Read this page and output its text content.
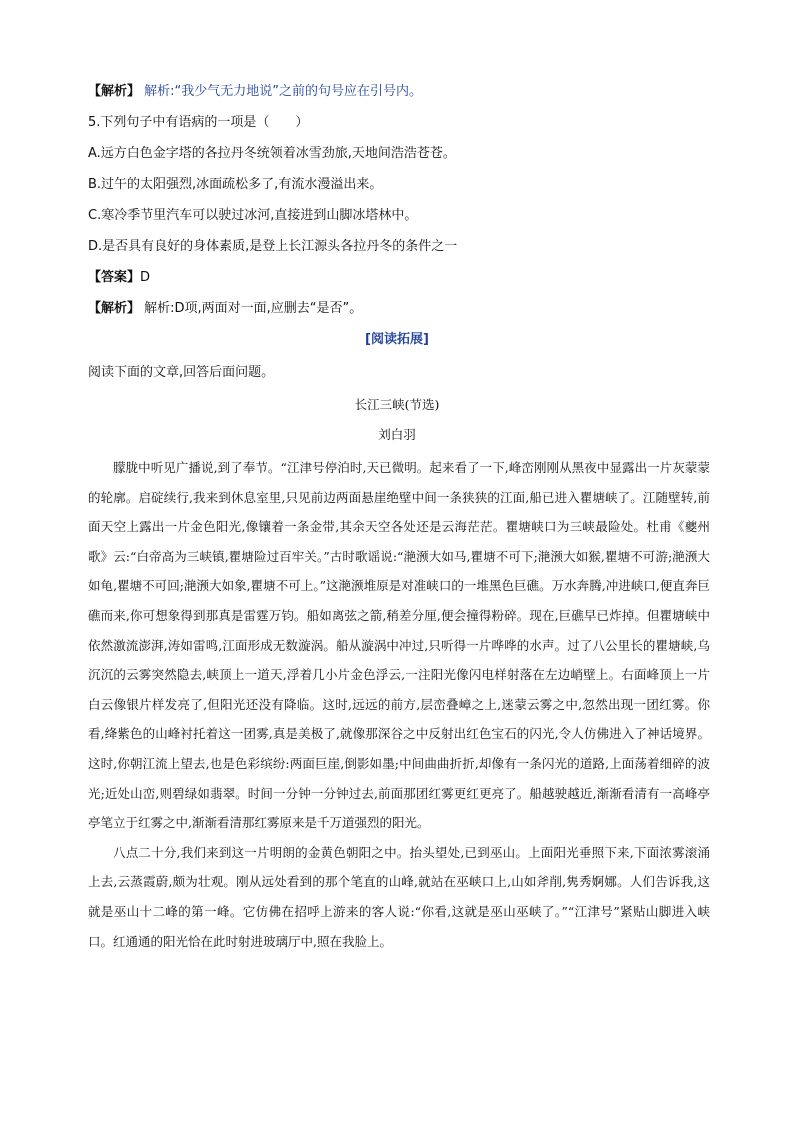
【解析】 解析:“我少气无力地说”之前的句号应在引号内。
5.下列句子中有语病的一项是（　　）
A.远方白色金字塔的各拉丹冬统领着冰雪劲旅,天地间浩浩苍苍。
B.过午的太阳强烈,冰面疏松多了,有流水漫溢出来。
C.寒冷季节里汽车可以驶过冰河,直接进到山脚冰塔林中。
D.是否具有良好的身体素质,是登上长江源头各拉丹冬的条件之一
【答案】D
【解析】 解析:D项,两面对一面,应删去“是否”。
[阅读拓展]
阅读下面的文章,回答后面问题。
长江三峡(节选)
刘白羽

朦胧中听见广播说,到了奉节。“江津号停泊时,天已微明。起来看了一下,峰峦刚刚从黑夜中显露出一片灰蒙蒙的轮廓。启碇续行,我来到休息室里,只见前边两面悬崖绝壁中间一条狭狭的江面,船已进入瞿塘峡了。江随壁转,前面天空上露出一片金色阳光,像镶着一条金带,其余天空各处还是云海茫茫。瞿塘峡口为三峡最险处。杜甫《夔州歌》云:“白帝高为三峡镇,瞿塘险过百牢关。”古时歌谣说:“滟滪大如马,瞿塘不可下;滟滪大如猴,瞿塘不可游;滟滪大如龟,瞿塘不可回;滟滪大如象,瞿塘不可上。”这滟滪堆原是对准峡口的一堆黑色巨礁。万水奔腾,冲进峡口,便直奔巨礁而来,你可想象得到那真是雷霆万钧。船如离弦之箭,稍差分厘,便会撞得粉碎。现在,巨礁早已炸掉。但瞿塘峡中依然激流澎湃,涛如雷鸣,江面形成无数漩涡。船从漩涡中冲过,只听得一片哗哗的水声。过了八公里长的瞿塘峡,乌沉沉的云雾突然隐去,峡顶上一道天,浮着几小片金色浮云,一注阳光像闪电样射落在左边峭壁上。右面峰顶上一片白云像银片样发亮了,但阳光还没有降临。这时,远远的前方,层峦叠嶂之上,迷蒙云雾之中,忽然出现一团红雾。你看,绛紫色的山峰衬托着这一团雾,真是美极了,就像那深谷之中反射出红色宝石的闪光,令人仿佛进入了神话境界。这时,你朝江流上望去,也是色彩缤纷:两面巨崖,倒影如墨;中间曲曲折折,却像有一条闪光的道路,上面荡着细碎的波光;近处山峦,则碧绿如翡翠。时间一分钟一分钟过去,前面那团红雾更红更亮了。船越驶越近,渐渐看清有一高峰亭亭笔立于红雾之中,渐渐看清那红雾原来是千万道强烈的阳光。

八点二十分,我们来到这一片明朗的金黄色朝阳之中。抬头望处,已到巫山。上面阳光垂照下来,下面浓雾滚涌上去,云蒸霞蔚,颇为壮观。刚从远处看到的那个笔直的山峰,就站在巫峡口上,山如斧削,隽秀婀娜。人们告诉我,这就是巫山十二峰的第一峰。它仿佛在招呼上游来的客人说:“你看,这就是巫山巫峡了。”“江津号”紧贴山脚进入峡口。红通通的阳光恰在此时射进玻璃厅中,照在我脸上。
